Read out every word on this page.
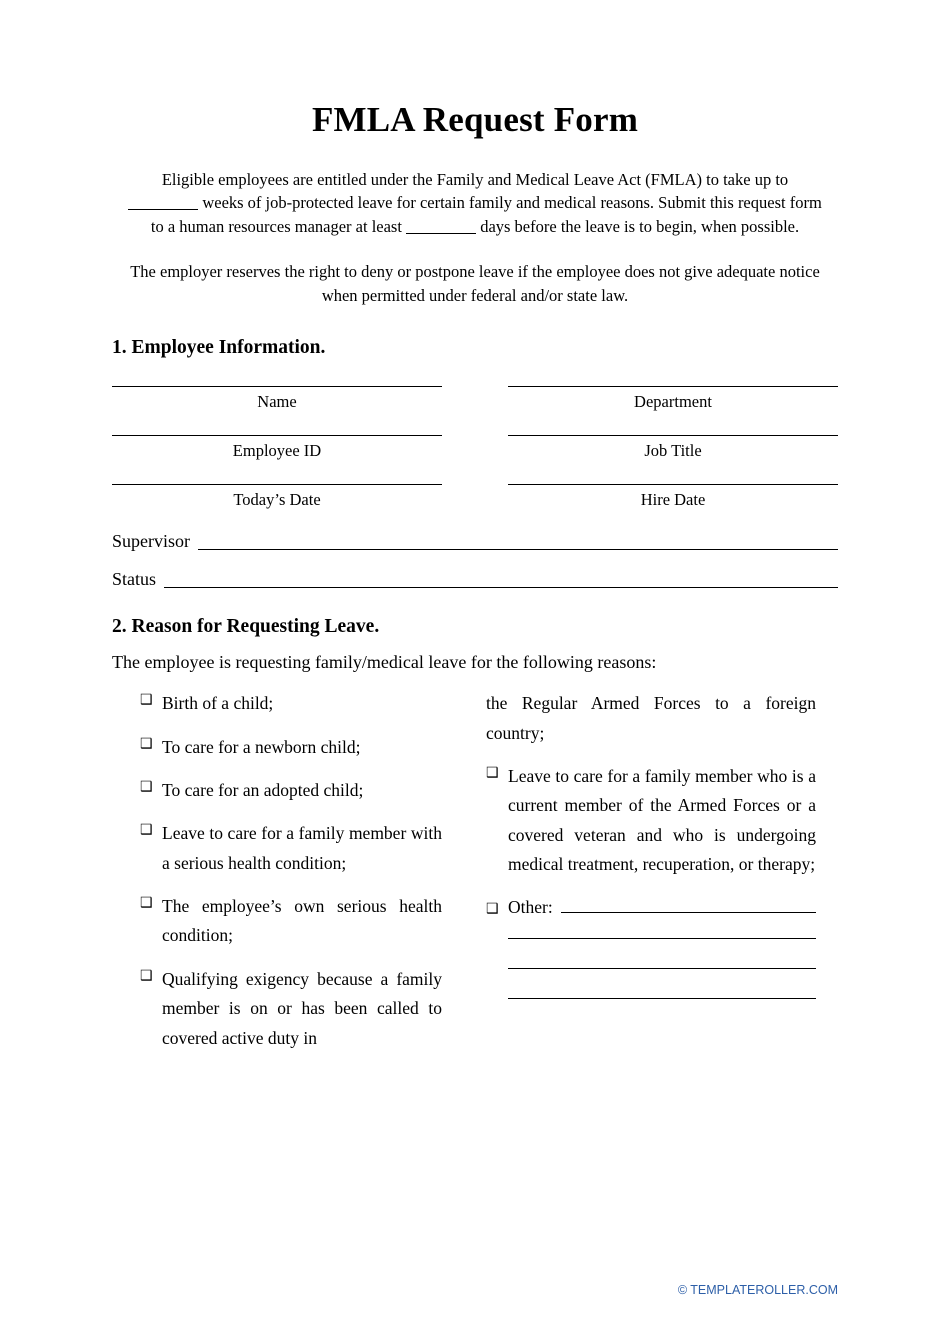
FMLA Request Form

Eligible employees are entitled under the Family and Medical Leave Act (FMLA) to take up to  weeks of job-protected leave for certain family and medical reasons. Submit this request form to a human resources manager at least	days before the leave is to begin, when possible.

The employer reserves the right to deny or postpone leave if the employee does not give adequate notice when permitted under federal and/or state law.

1. Employee Information.
Name	Department
Employee ID	Job Title
Today’s Date	Hire Date
Supervisor
Status
2. Reason for Requesting Leave.

The employee is requesting family/medical leave for the following reasons:

❑ Birth of a child;
❑ To care for a newborn child;
❑ To care for an adopted child;
❑ Leave to care for a family member with a serious health condition;
❑ The employee’s own serious health condition;
❑ Qualifying exigency because a family member is on or has been called to covered active duty in

the Regular Armed Forces to a foreign country;

❑ Leave to care for a family member who is a current member of the Armed Forces or a covered veteran and who is undergoing medical treatment, recuperation, or therapy;
❑ Other:
© TEMPLATEROLLER.COM
